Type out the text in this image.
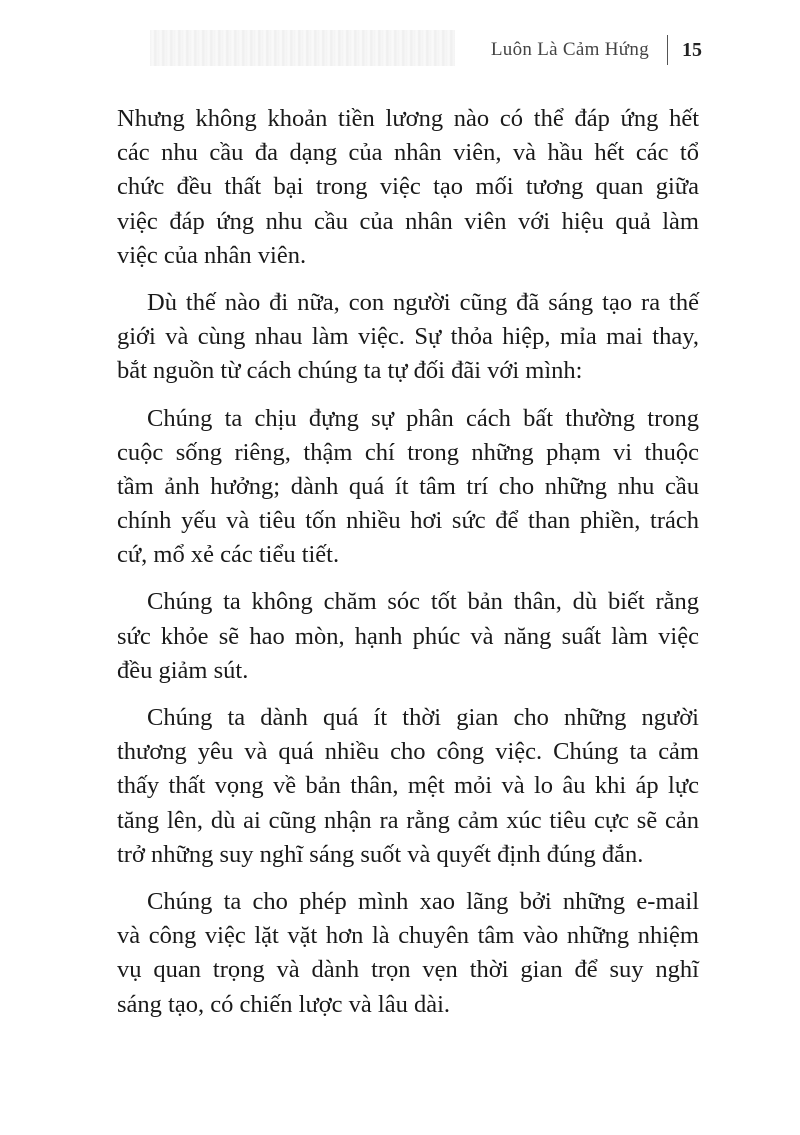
Luôn Là Cảm Hứng 15

Nhưng không khoản tiền lương nào có thể đáp ứng hết
các nhu cầu đa dạng của nhân viên, và hầu hết các tổ
chức đều thất bại trong việc tạo mối tương quan giữa
việc đáp ứng nhu cầu của nhân viên với hiệu quả làm
việc của nhân viên.

Dù thế nào đi nữa, con người cũng đã sáng tạo ra thế
giới và cùng nhau làm việc. Sự thỏa hiệp, mỉa mai thay,
bắt nguồn từ cách chúng ta tự đối đãi với mình:

Chúng ta chịu đựng sự phân cách bất thường trong
cuộc sống riêng, thậm chí trong những phạm vi thuộc
tầm ảnh hưởng; dành quá ít tâm trí cho những nhu cầu
chính yếu và tiêu tốn nhiều hơi sức để than phiền, trách
cứ, mổ xẻ các tiểu tiết.

Chúng ta không chăm sóc tốt bản thân, dù biết rằng
sức khỏe sẽ hao mòn, hạnh phúc và năng suất làm việc
đều giảm sút.

Chúng ta dành quá ít thời gian cho những người
thương yêu và quá nhiều cho công việc. Chúng ta cảm
thấy thất vọng về bản thân, mệt mỏi và lo âu khi áp lực
tăng lên, dù ai cũng nhận ra rằng cảm xúc tiêu cực sẽ cản
trở những suy nghĩ sáng suốt và quyết định đúng đắn.

Chúng ta cho phép mình xao lãng bởi những e-mail
và công việc lặt vặt hơn là chuyên tâm vào những nhiệm
vụ quan trọng và dành trọn vẹn thời gian để suy nghĩ
sáng tạo, có chiến lược và lâu dài.
